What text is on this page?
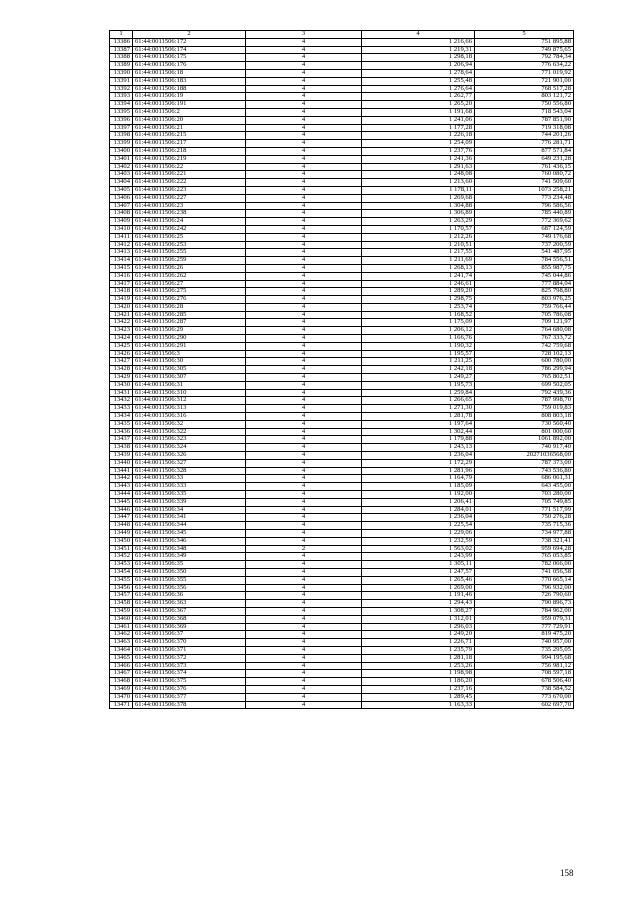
1	2	3	4	5
13386	61:44:0011506:172	4	1 216,66	751 895,88
13387	61:44:0011506:174	4	1 219,31	749 875,65
13388	61:44:0011506:175	4	1 298,18	792 784,34
13389	61:44:0011506:176	4	1 206,94	776 634,22
13390	61:44:0011506:18	4	1 278,64	771 019,92
13391	61:44:0011506:183	4	1 255,48	721 901,00
13392	61:44:0011506:188	4	1 276,64	768 517,28
13393	61:44:0011506:19	4	1 262,77	803 121,72
13394	61:44:0011506:191	4	1 265,20	750 556,80
13395	61:44:0011506:2	4	1 191,68	718 543,04
13396	61:44:0011506:20	4	1 241,06	787 851,90
13397	61:44:0011506:21	4	1 177,28	719 318,08
13398	61:44:0011506:215	4	1 226,18	744 201,26
13399	61:44:0011506:217	4	1 254,09	776 281,71
13400	61:44:0011506:218	4	1 237,76	877 571,84
13401	61:44:0011506:219	4	1 241,36	649 231,28
13402	61:44:0011506:22	4	1 291,63	761 436,15
13403	61:44:0011506:221	4	1 248,08	760 080,72
13404	61:44:0011506:222	4	1 213,60	741 509,60
13405	61:44:0011506:223	4	1 178,11	1073 258,21
13406	61:44:0011506:227	4	1 269,68	773 234,48
13407	61:44:0011506:23	4	1 304,88	796 586,56
13408	61:44:0011506:238	4	1 306,89	785 440,89
13409	61:44:0011506:24	4	1 263,29	772 369,62
13410	61:44:0011506:242	4	1 170,57	687 124,59
13411	61:44:0011506:25	4	1 212,26	749 176,68
13412	61:44:0011506:253	4	1 210,51	737 200,59
13413	61:44:0011506:255	4	1 217,55	541 487,95
13414	61:44:0011506:259	4	1 211,69	784 556,51
13415	61:44:0011506:26	4	1 268,13	855 987,75
13416	61:44:0011506:262	4	1 241,74	745 044,86
13417	61:44:0011506:27	4	1 246,61	777 884,04
13418	61:44:0011506:275	4	1 289,20	825 798,80
13419	61:44:0011506:276	4	1 298,75	803 976,25
13420	61:44:0011506:28	4	1 253,74	759 766,44
13421	61:44:0011506:285	4	1 168,52	705 786,08
13422	61:44:0011506:287	4	1 175,09	709 121,97
13423	61:44:0011506:29	4	1 206,12	764 680,08
13424	61:44:0011506:290	4	1 166,76	767 333,72
13425	61:44:0011506:291	4	1 190,32	742 759,68
13426	61:44:0011506:3	4	1 195,57	728 102,13
13427	61:44:0011506:30	4	1 211,25	600 780,00
13428	61:44:0011506:305	4	1 242,18	786 299,94
13429	61:44:0011506:307	4	1 249,27	765 802,51
13430	61:44:0011506:31	4	1 195,73	699 502,05
13431	61:44:0011506:310	4	1 259,84	792 439,36
13432	61:44:0011506:312	4	1 266,65	787 998,70
13433	61:44:0011506:313	4	1 271,30	759 019,83
13434	61:44:0011506:316	4	1 281,78	808 803,18
13435	61:44:0011506:32	4	1 197,64	730 560,40
13436	61:44:0011506:322	4	1 302,44	801 000,60
13437	61:44:0011506:323	4	1 179,88	1061 892,00
13438	61:44:0011506:324	4	1 243,13	740 917,40
13439	61:44:0011506:326	4	1 236,04	20271036568,00
13440	61:44:0011506:327	4	1 172,29	787 373,00
13441	61:44:0011506:328	4	1 281,96	743 536,80
13442	61:44:0011506:33	4	1 164,79	686 061,31
13443	61:44:0011506:333	4	1 185,09	643 455,00
13444	61:44:0011506:335	4	1 192,00	703 280,00
13445	61:44:0011506:339	4	1 206,41	705 749,85
13446	61:44:0011506:34	4	1 284,01	771 517,99
13447	61:44:0011506:341	4	1 236,04	750 276,28
13448	61:44:0011506:344	4	1 225,54	735 715,36
13449	61:44:0011506:345	4	1 229,06	734 977,88
13450	61:44:0011506:346	4	1 232,59	738 321,41
13451	61:44:0011506:348	2	1 563,02	959 694,28
13452	61:44:0011506:349	4	1 243,99	765 053,85
13453	61:44:0011506:35	4	1 305,11	782 066,00
13454	61:44:0011506:350	4	1 247,57	741 056,58
13455	61:44:0011506:355	4	1 265,46	770 665,14
13456	61:44:0011506:356	4	1 269,00	796 932,00
13457	61:44:0011506:36	4	1 191,46	726 790,60
13458	61:44:0011506:363	4	1 294,43	790 896,73
13459	61:44:0011506:367	4	1 308,27	784 962,00
13460	61:44:0011506:368	4	1 312,01	959 079,31
13461	61:44:0011506:369	4	1 296,03	777 729,91
13462	61:44:0011506:37	4	1 249,20	819 475,20
13463	61:44:0011506:370	4	1 226,71	740 957,00
13464	61:44:0011506:371	4	1 235,79	735 295,05
13465	61:44:0011506:372	4	1 281,18	994 195,68
13466	61:44:0011506:373	4	1 253,26	756 981,12
13467	61:44:0011506:374	4	1 198,98	708 597,18
13468	61:44:0011506:375	4	1 186,20	678 506,40
13469	61:44:0011506:376	4	1 237,16	738 584,52
13470	61:44:0011506:377	4	1 289,45	773 670,00
13471	61:44:0011506:378	4	1 163,33	602 697,70
158
